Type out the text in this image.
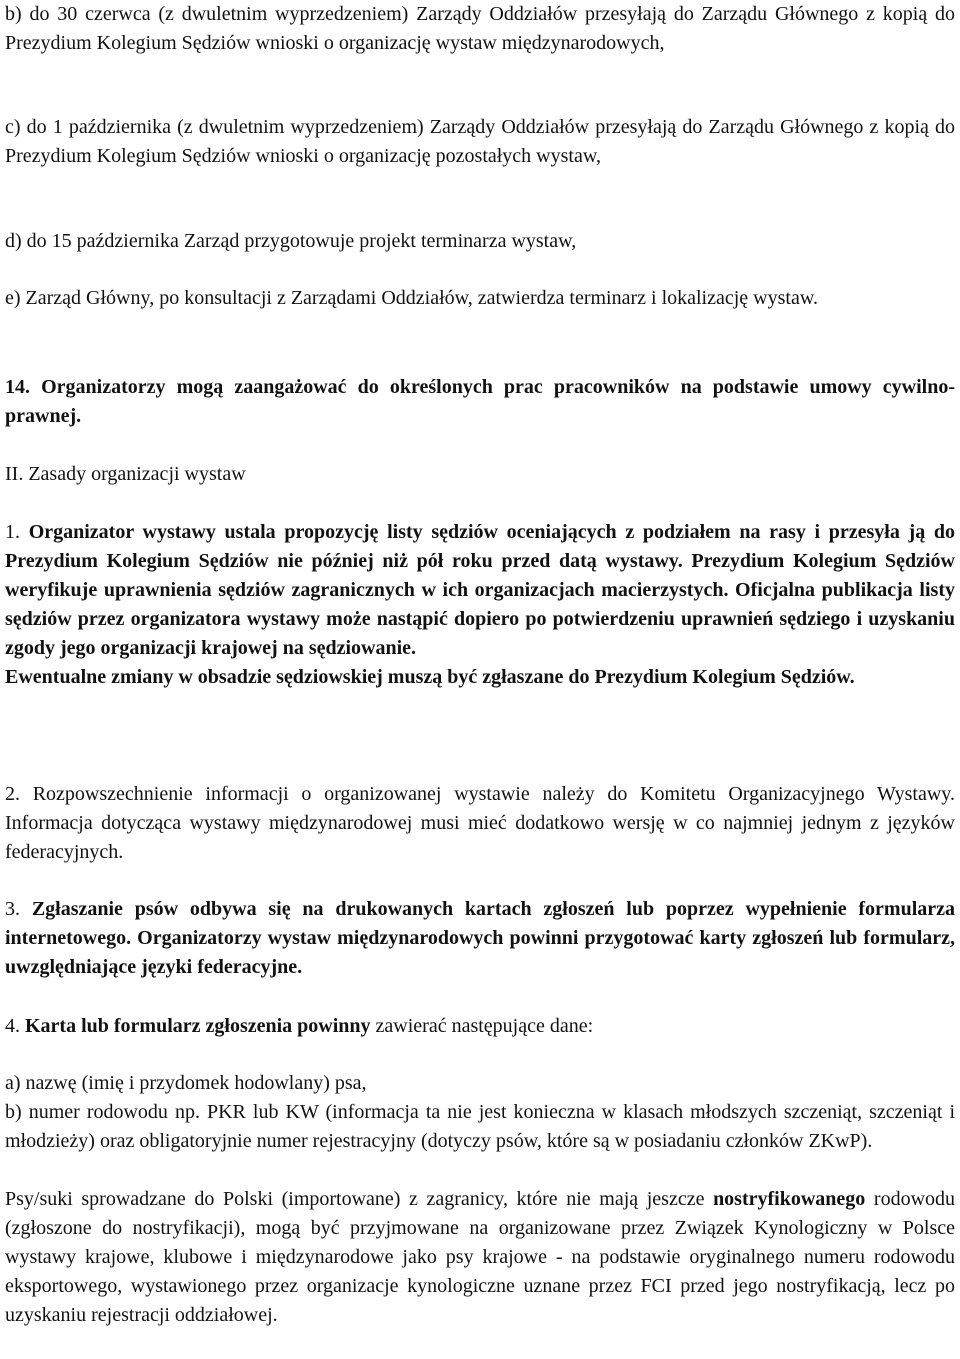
b) do 30 czerwca (z dwuletnim wyprzedzeniem) Zarządy Oddziałów przesyłają do Zarządu Głównego z kopią do Prezydium Kolegium Sędziów wnioski o organizację wystaw międzynarodowych,

c) do 1 października (z dwuletnim wyprzedzeniem) Zarządy Oddziałów przesyłają do Zarządu Głównego z kopią do Prezydium Kolegium Sędziów wnioski o organizację pozostałych wystaw,

d) do 15 października Zarząd przygotowuje projekt terminarza wystaw,

e) Zarząd Główny, po konsultacji z Zarządami Oddziałów, zatwierdza terminarz i lokalizację wystaw.

14. Organizatorzy mogą zaangażować do określonych prac pracowników na podstawie umowy cywilno-prawnej.

II. Zasady organizacji wystaw

1. Organizator wystawy ustala propozycję listy sędziów oceniających z podziałem na rasy i przesyła ją do Prezydium Kolegium Sędziów nie później niż pół roku przed datą wystawy. Prezydium Kolegium Sędziów weryfikuje uprawnienia sędziów zagranicznych w ich organizacjach macierzystych. Oficjalna publikacja listy sędziów przez organizatora wystawy może nastąpić dopiero po potwierdzeniu uprawnień sędziego i uzyskaniu zgody jego organizacji krajowej na sędziowanie.
Ewentualne zmiany w obsadzie sędziowskiej muszą być zgłaszane do Prezydium Kolegium Sędziów.

2. Rozpowszechnienie informacji o organizowanej wystawie należy do Komitetu Organizacyjnego Wystawy. Informacja dotycząca wystawy międzynarodowej musi mieć dodatkowo wersję w co najmniej jednym z języków federacyjnych.

3. Zgłaszanie psów odbywa się na drukowanych kartach zgłoszeń lub poprzez wypełnienie formularza internetowego. Organizatorzy wystaw międzynarodowych powinni przygotować karty zgłoszeń lub formularz, uwzględniające języki federacyjne.

4. Karta lub formularz zgłoszenia powinny zawierać następujące dane:

a) nazwę (imię i przydomek hodowlany) psa,

b) numer rodowodu np. PKR lub KW (informacja ta nie jest konieczna w klasach młodszych szczeniąt, szczeniąt i młodzieży) oraz obligatoryjnie numer rejestracyjny (dotyczy psów, które są w posiadaniu członków ZKwP).

Psy/suki sprowadzane do Polski (importowane) z zagranicy, które nie mają jeszcze nostryfikowanego rodowodu (zgłoszone do nostryfikacji), mogą być przyjmowane na organizowane przez Związek Kynologiczny w Polsce wystawy krajowe, klubowe i międzynarodowe jako psy krajowe - na podstawie oryginalnego numeru rodowodu eksportowego, wystawionego przez organizacje kynologiczne uznane przez FCI przed jego nostryfikacją, lecz po uzyskaniu rejestracji oddziałowej.
